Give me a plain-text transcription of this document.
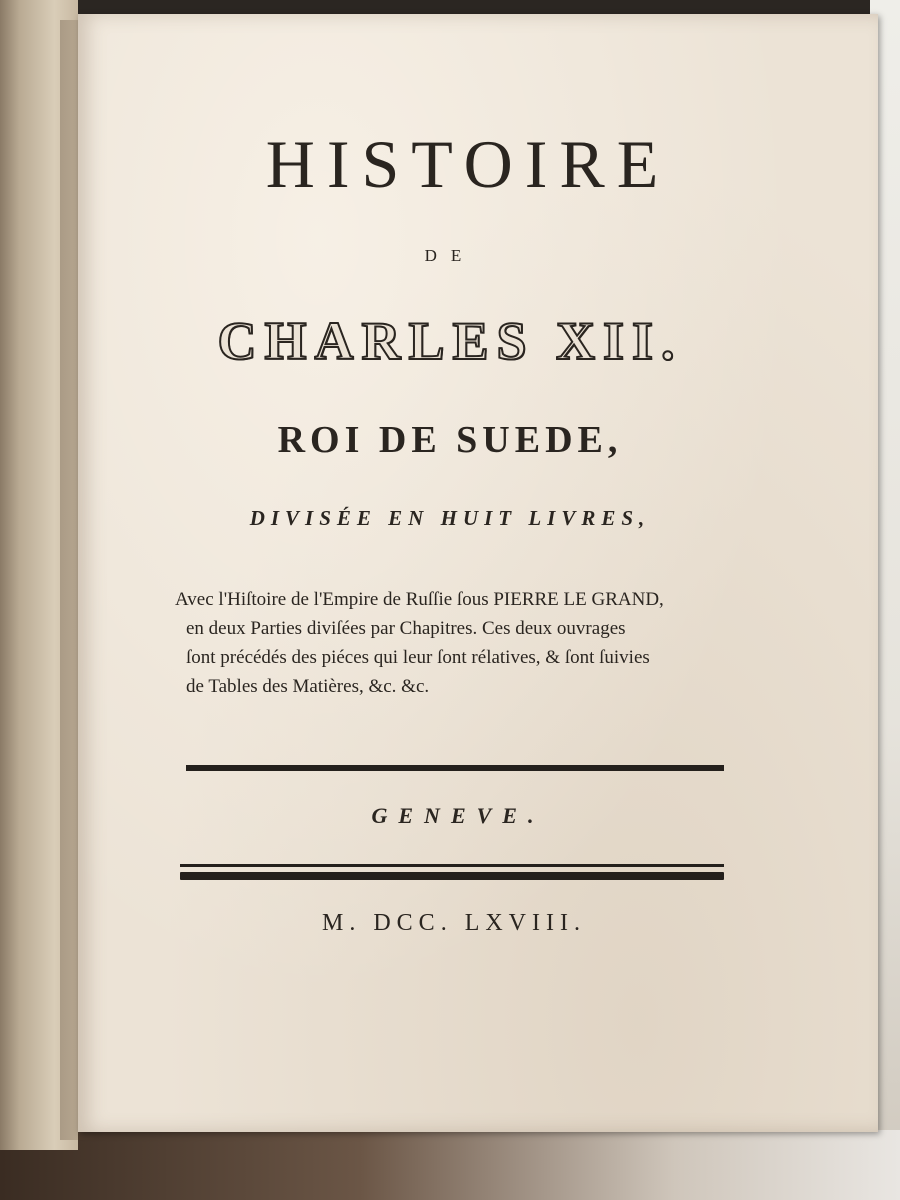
HISTOIRE
DE
CHARLES XII.
ROI DE SUEDE,
DIVISÉE EN HUIT LIVRES,
Avec l'Hiſtoire de l'Empire de Ruſſie ſous PIERRE LE GRAND,
en deux Parties diviſées par Chapitres. Ces deux ouvrages
ſont précédés des piéces qui leur ſont rélatives, & ſont ſuivies
de Tables des Matières, &c. &c.
GENEVE.
M. DCC. LXVIII.
